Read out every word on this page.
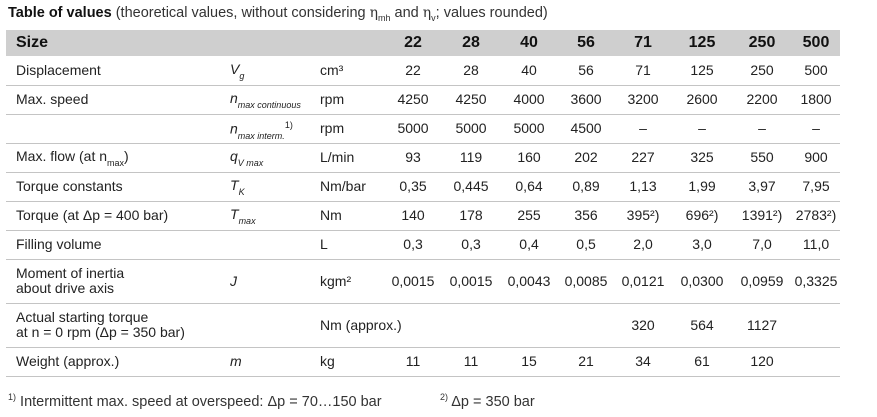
Table of values (theoretical values, without considering $\eta_{mh}$ and $\eta_v$; values rounded)
Size			22	28	40	56	71	125	250	500
Displacement	$V_g$	cm³	22	28	40	56	71	125	250	500
Max. speed	$n_{max continuous}$	rpm	4250	4250	4000	3600	3200	2600	2200	1800
	$n_{max interm.}^{1)}$	rpm	5000	5000	5000	4500	–	–	–	–
Max. flow (at $n_{max}$)	$q_{V max}$	L/min	93	119	160	202	227	325	550	900
Torque constants	$T_K$	Nm/bar	0,35	0,445	0,64	0,89	1,13	1,99	3,97	7,95
Torque (at Δp = 400 bar)	$T_{max}$	Nm	140	178	255	356	395²)	696²)	1391²)	2783²)
Filling volume		L	0,3	0,3	0,4	0,5	2,0	3,0	7,0	11,0
Moment of inertia
about drive axis	J	kgm²	0,0015	0,0015	0,0043	0,0085	0,0121	0,0300	0,0959	0,3325
Actual starting torque
at n = 0 rpm (Δp = 350 bar)		Nm (approx.)					320	564	1127	
Weight (approx.)	m	kg	11	11	15	21	34	61	120	
$^{1)}$ Intermittent max. speed at overspeed: Δp = 70…150 bar	$^{2)}$ Δp = 350 bar
